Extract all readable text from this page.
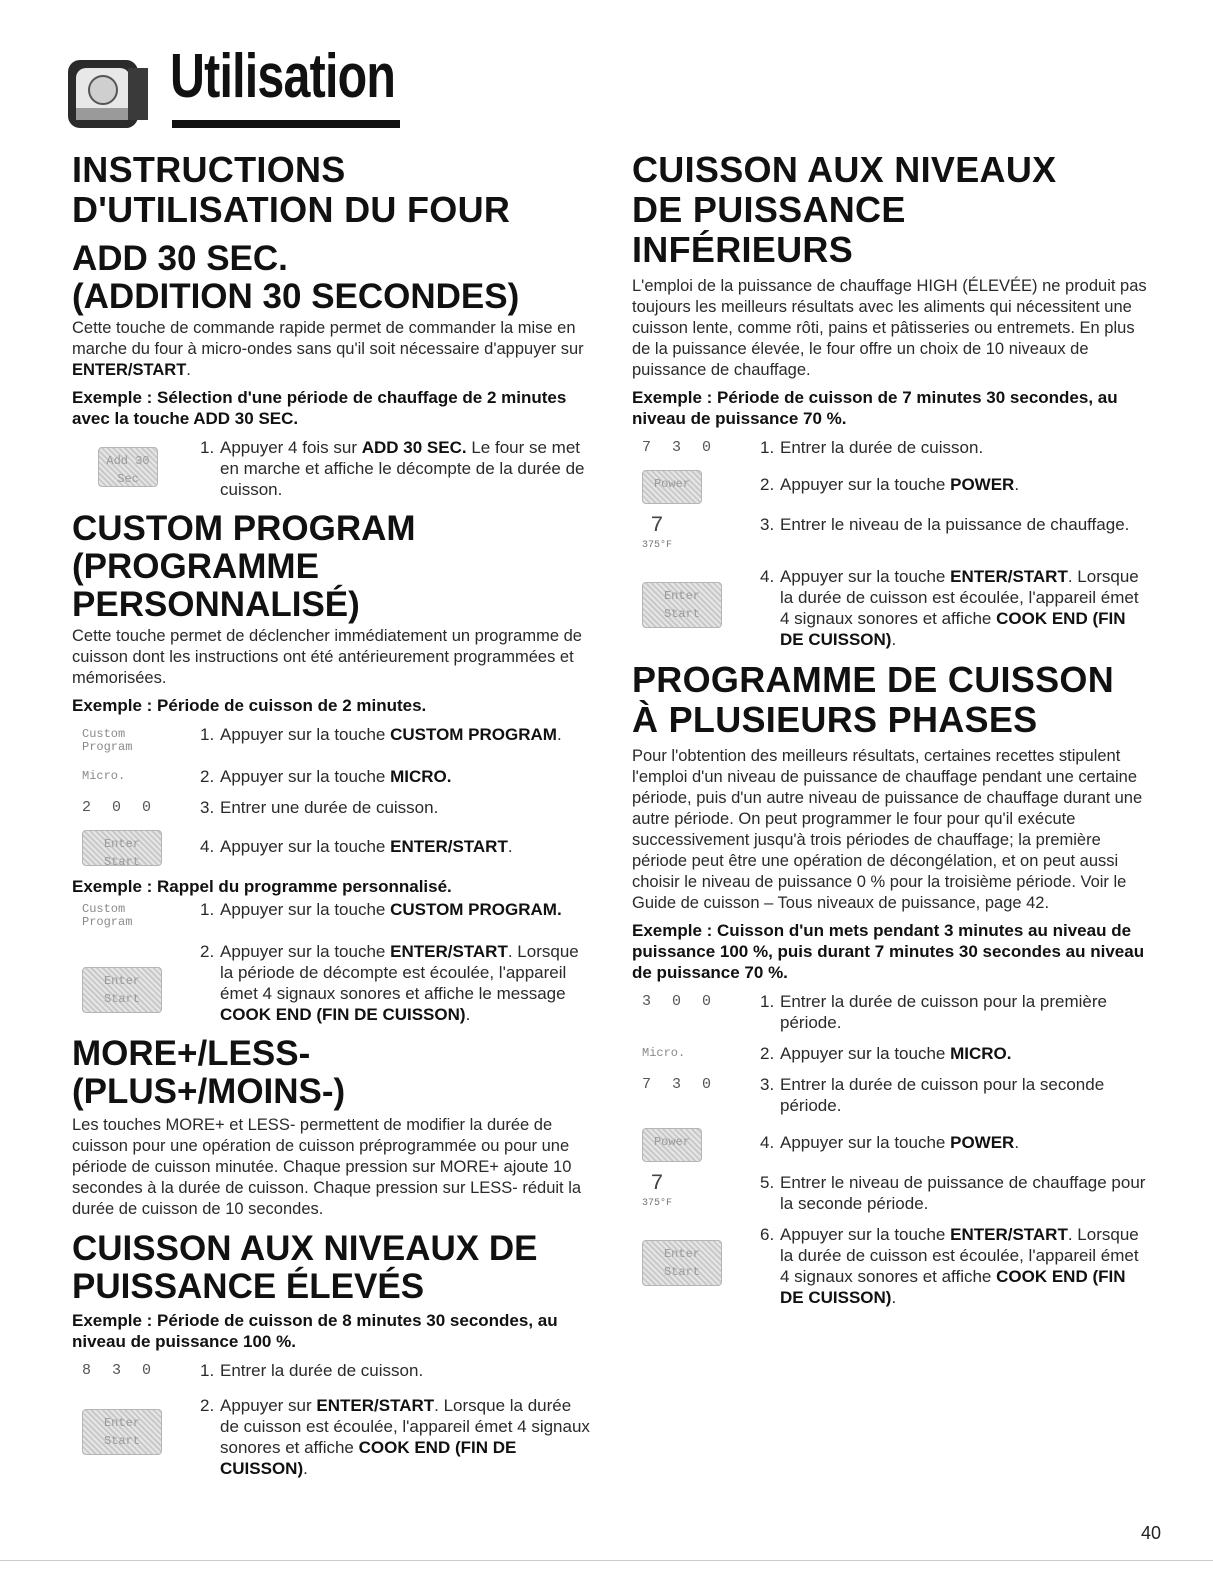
Utilisation
INSTRUCTIONS D'UTILISATION DU FOUR
ADD 30 SEC.
(ADDITION 30 SECONDES)

Cette touche de commande rapide permet de commander la mise en marche du four à micro-ondes sans qu'il soit nécessaire d'appuyer sur ENTER/START.

Exemple : Sélection d'une période de chauffage de 2 minutes avec la touche ADD 30 SEC.

Add 30 Sec
1. Appuyer 4 fois sur ADD 30 SEC. Le four se met en marche et affiche le décompte de la durée de cuisson.
CUSTOM PROGRAM
(PROGRAMME PERSONNALISÉ)

Cette touche permet de déclencher immédiatement un programme de cuisson dont les instructions ont été antérieurement programmées et mémorisées.

Exemple : Période de cuisson de 2 minutes.

Custom Program
1. Appuyer sur la touche CUSTOM PROGRAM.
Micro.	2. Appuyer sur la touche MICRO.
2 0 0	3. Entrer une durée de cuisson.
Enter Start
4. Appuyer sur la touche ENTER/START.

Exemple : Rappel du programme personnalisé.

Custom Program
1. Appuyer sur la touche CUSTOM PROGRAM.
Enter Start
2. Appuyer sur la touche ENTER/START. Lorsque la période de décompte est écoulée, l'appareil émet 4 signaux sonores et affiche le message COOK END (FIN DE CUISSON).
MORE+/LESS- (PLUS+/MOINS-)

Les touches MORE+ et LESS- permettent de modifier la durée de cuisson pour une opération de cuisson préprogrammée ou pour une période de cuisson minutée. Chaque pression sur MORE+ ajoute 10 secondes à la durée de cuisson. Chaque pression sur LESS- réduit la durée de cuisson de 10 secondes.

CUISSON AUX NIVEAUX DE PUISSANCE ÉLEVÉS

Exemple : Période de cuisson de 8 minutes 30 secondes, au niveau de puissance 100 %.

8 3 0	1. Entrer la durée de cuisson.
Enter Start
2. Appuyer sur ENTER/START. Lorsque la durée de cuisson est écoulée, l'appareil émet 4 signaux sonores et affiche COOK END (FIN DE CUISSON).
CUISSON AUX NIVEAUX DE PUISSANCE INFÉRIEURS

L'emploi de la puissance de chauffage HIGH (ÉLEVÉE) ne produit pas toujours les meilleurs résultats avec les aliments qui nécessitent une cuisson lente, comme rôti, pains et pâtisseries ou entremets. En plus de la puissance élevée, le four offre un choix de 10 niveaux de puissance de chauffage.

Exemple : Période de cuisson de 7 minutes 30 secondes, au niveau de puissance 70 %.

7 3 0	1. Entrer la durée de cuisson.
Power	2. Appuyer sur la touche POWER.
7
375°F
3. Entrer le niveau de la puissance de chauffage.
Enter Start
4. Appuyer sur la touche ENTER/START. Lorsque la durée de cuisson est écoulée, l'appareil émet 4 signaux sonores et affiche COOK END (FIN DE CUISSON).
PROGRAMME DE CUISSON À PLUSIEURS PHASES

Pour l'obtention des meilleurs résultats, certaines recettes stipulent l'emploi d'un niveau de puissance de chauffage pendant une certaine période, puis d'un autre niveau de puissance de chauffage durant une autre période. On peut programmer le four pour qu'il exécute successivement jusqu'à trois périodes de chauffage; la première période peut être une opération de décongélation, et on peut aussi choisir le niveau de puissance 0 % pour la troisième période. Voir le Guide de cuisson – Tous niveaux de puissance, page 42.

Exemple : Cuisson d'un mets pendant 3 minutes au niveau de puissance 100 %, puis durant 7 minutes 30 secondes au niveau de puissance 70 %.

3 0 0	1. Entrer la durée de cuisson pour la première période.
Micro.	2. Appuyer sur la touche MICRO.
7 3 0	3. Entrer la durée de cuisson pour la seconde période.
Power	4. Appuyer sur la touche POWER.
7
375°F
5. Entrer le niveau de puissance de chauffage pour la seconde période.
Enter Start
6. Appuyer sur la touche ENTER/START. Lorsque la durée de cuisson est écoulée, l'appareil émet 4 signaux sonores et affiche COOK END (FIN DE CUISSON).
40
